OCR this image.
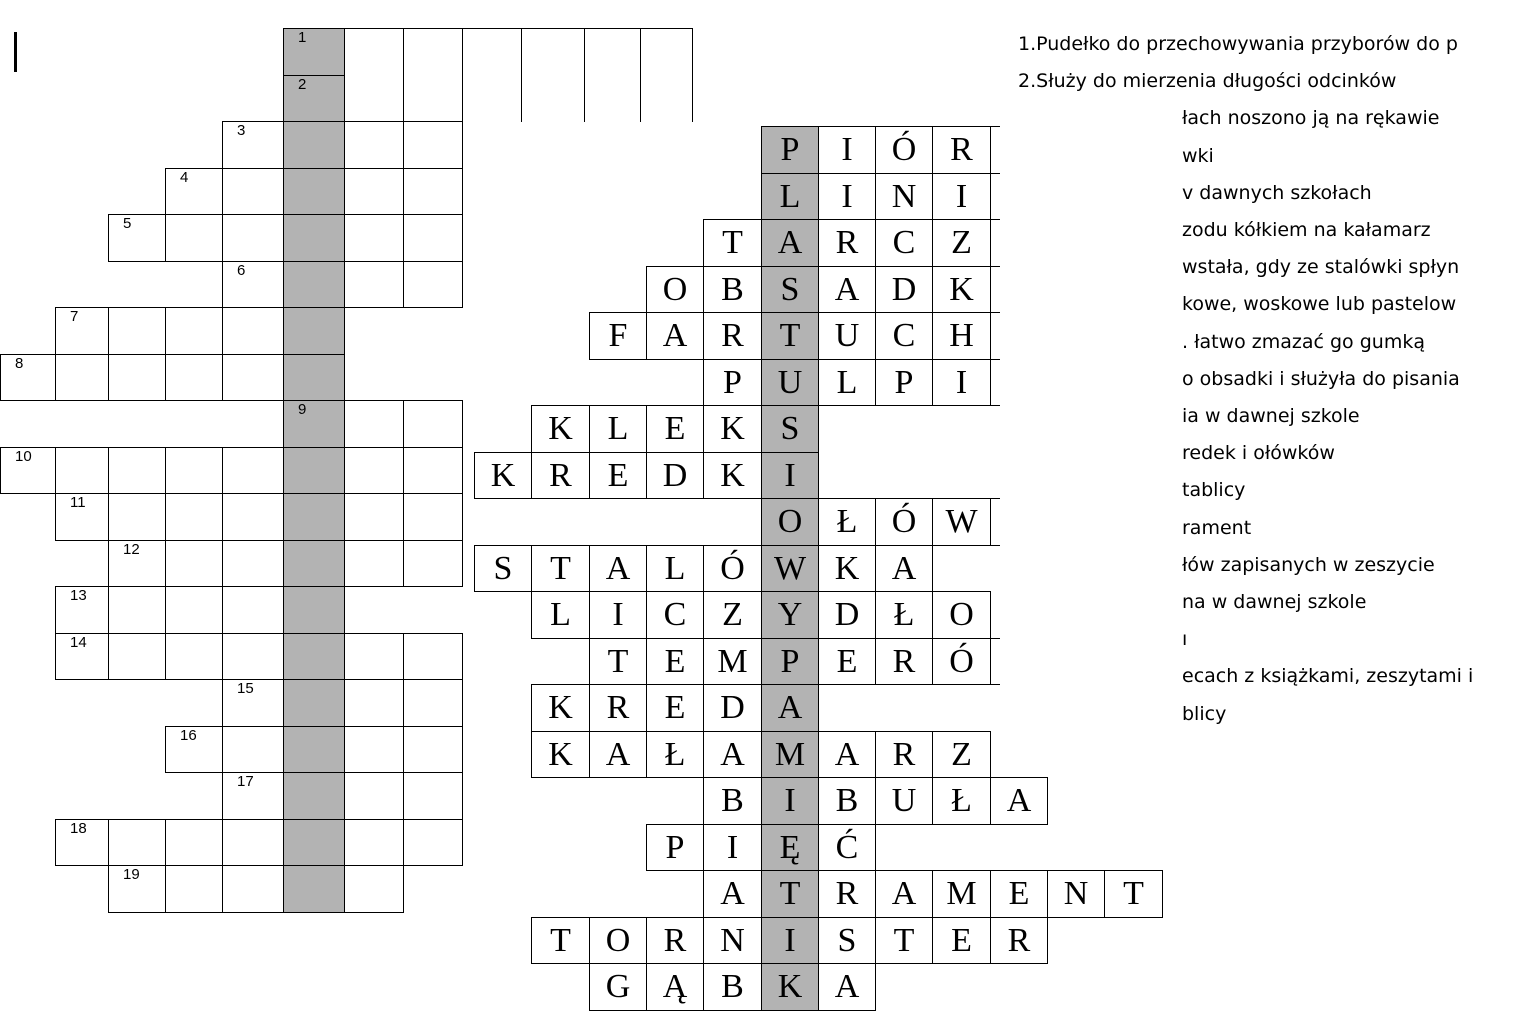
1
2
3
4
5
6
7
8
9
10
11
12
13
14
15
16
17
18
19
P	I	Ó R
L	I	N	I
T	A R	C	Z
O B	S	A D K
F	A R	T	U C H
P	U	L	P	I
K	L	E	K	S
K R	E	D K	I
O	Ł	Ó W
S	T	A	L	Ó W K A
L	I	C	Z	Y D	Ł	O
T	E M P	E	R Ó
K R	E	D A
K A	Ł	A M A R	Z
B	I	B U	Ł	A
P	I	Ę	Ć
A	T	R A M E	N	T
T	O R N	I	S	T	E	R
G Ą B K A
1.Pudełko do przechowywania przyborów do p
2.Służy do mierzenia długości odcinków
łach noszono ją na rękawie
wki
v dawnych szkołach
zodu kółkiem na kałamarz
wstała, gdy ze stalówki spłyn
kowe, woskowe lub pastelow
. łatwo zmazać go gumką
o obsadki i służyła do pisania
ia w dawnej szkole
redek i ołówków
tablicy
rament
łów zapisanych w zeszycie
na w dawnej szkole
ı
ecach z książkami, zeszytami i
blicy
